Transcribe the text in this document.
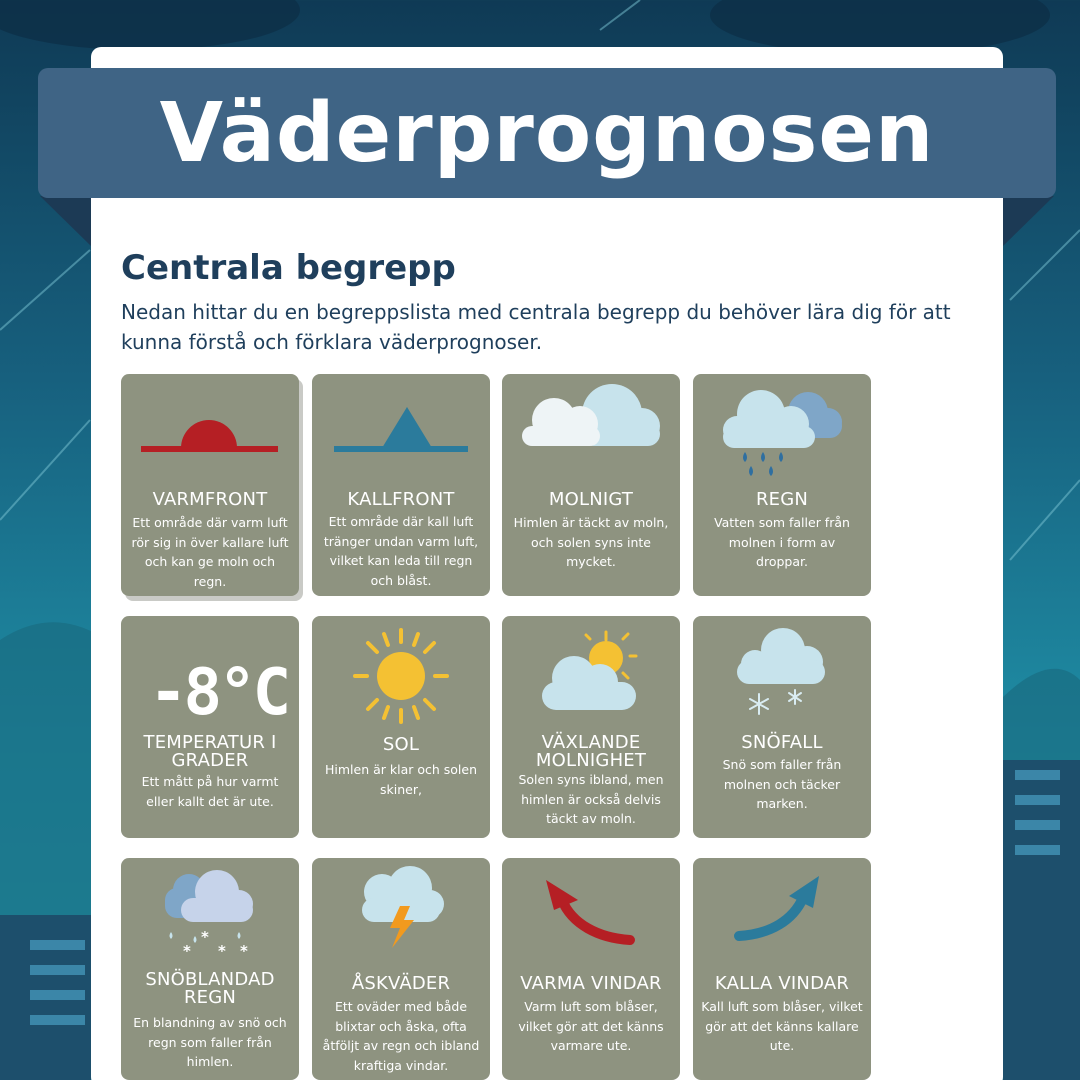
Väderprognosen
Centrala begrepp
Nedan hittar du en begreppslista med centrala begrepp du behöver lära dig för att kunna förstå och förklara väderprognoser.
VARMFRONT
Ett område där varm luft rör sig in över kallare luft och kan ge moln och regn.
KALLFRONT
Ett område där kall luft tränger undan varm luft, vilket kan leda till regn och blåst.
MOLNIGT
Himlen är täckt av moln, och solen syns inte mycket.
REGN
Vatten som faller från molnen i form av droppar.
-8°C
TEMPERATUR I GRADER
Ett mått på hur varmt eller kallt det är ute.
SOL
Himlen är klar och solen skiner,
VÄXLANDE MOLNIGHET
Solen syns ibland, men himlen är också delvis täckt av moln.
SNÖFALL
Snö som faller från molnen och täcker marken.
*
* * *
SNÖBLANDAD REGN
En blandning av snö och regn som faller från himlen.
ÅSKVÄDER
Ett oväder med både blixtar och åska, ofta åtföljt av regn och ibland kraftiga vindar.
VARMA VINDAR
Varm luft som blåser, vilket gör att det känns varmare ute.
KALLA VINDAR
Kall luft som blåser, vilket gör att det känns kallare ute.
